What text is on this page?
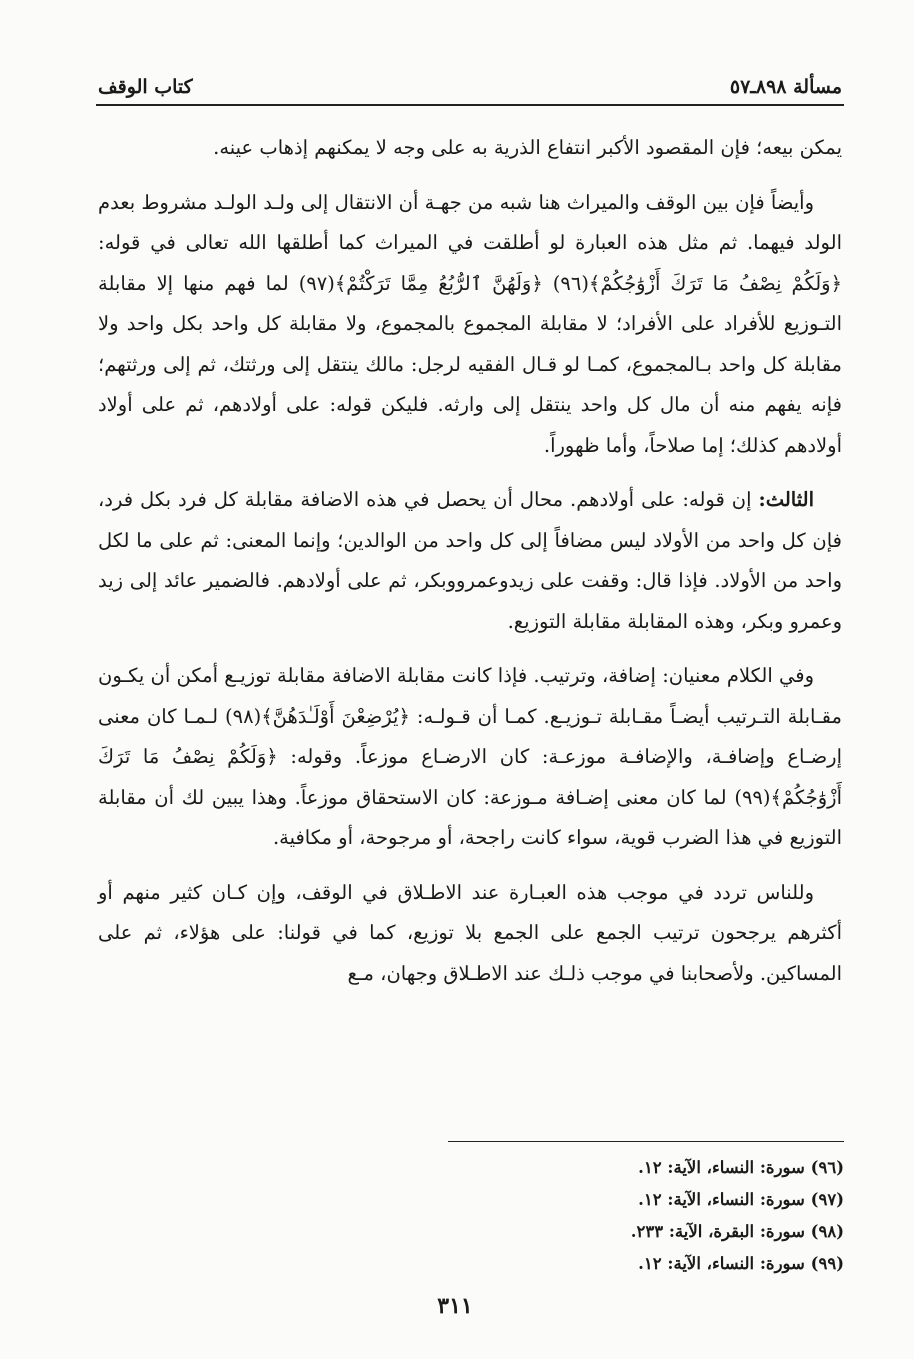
مسألة ٨٩٨ـ٥٧
كتاب الوقف

يمكن بيعه؛ فإن المقصود الأكبر انتفاع الذرية به على وجه لا يمكنهم إذهاب عينه.

وأيضاً فإن بين الوقف والميراث هنا شبه من جهـة أن الانتقال إلى ولـد الولـد مشروط بعدم الولد فيهما. ثم مثل هذه العبارة لو أطلقت في الميراث كما أطلقها الله تعالى في قوله: ﴿وَلَكُمْ نِصْفُ مَا تَرَكَ أَزْوَٰجُكُمْ﴾(٩٦) ﴿وَلَهُنَّ ٱلرُّبُعُ مِمَّا تَرَكْتُمْ﴾(٩٧) لما فهم منها إلا مقابلة التـوزيع للأفراد على الأفراد؛ لا مقابلة المجموع بالمجموع، ولا مقابلة كل واحد بكل واحد ولا مقابلة كل واحد بـالمجموع، كمـا لو قـال الفقيه لرجل: مالك ينتقل إلى ورثتك، ثم إلى ورثتهم؛ فإنه يفهم منه أن مال كل واحد ينتقل إلى وارثه. فليكن قوله: على أولادهم، ثم على أولاد أولادهم كذلك؛ إما صلاحاً، وأما ظهوراً.

الثالث: إن قوله: على أولادهم. محال أن يحصل في هذه الاضافة مقابلة كل فرد بكل فرد، فإن كل واحد من الأولاد ليس مضافاً إلى كل واحد من الوالدين؛ وإنما المعنى: ثم على ما لكل واحد من الأولاد. فإذا قال: وقفت على زيدوعمرووبكر، ثم على أولادهم. فالضمير عائد إلى زيد وعمرو وبكر، وهذه المقابلة مقابلة التوزيع.

وفي الكلام معنيان: إضافة، وترتيب. فإذا كانت مقابلة الاضافة مقابلة توزيـع أمكن أن يكـون مقـابلة التـرتيب أيضـاً مقـابلة تـوزيـع. كمـا أن قـولـه: ﴿يُرْضِعْنَ أَوْلَـٰدَهُنَّ﴾(٩٨) لـمـا كان معنى إرضـاع وإضافـة، والإضافـة موزعـة: كان الارضـاع موزعاً. وقوله: ﴿وَلَكُمْ نِصْفُ مَا تَرَكَ أَزْوَٰجُكُمْ﴾(٩٩) لما كان معنى إضـافة مـوزعة: كان الاستحقاق موزعاً. وهذا يبين لك أن مقابلة التوزيع في هذا الضرب قوية، سواء كانت راجحة، أو مرجوحة، أو مكافية.

وللناس تردد في موجب هذه العبـارة عند الاطـلاق في الوقف، وإن كـان كثير منهم أو أكثرهم يرجحون ترتيب الجمع على الجمع بلا توزيع، كما في قولنا: على هؤلاء، ثم على المساكين. ولأصحابنا في موجب ذلـك عند الاطـلاق وجهان، مـع

(٩٦) سورة: النساء، الآية: ١٢.
(٩٧) سورة: النساء، الآية: ١٢.
(٩٨) سورة: البقرة، الآية: ٢٣٣.
(٩٩) سورة: النساء، الآية: ١٢.
٣١١
